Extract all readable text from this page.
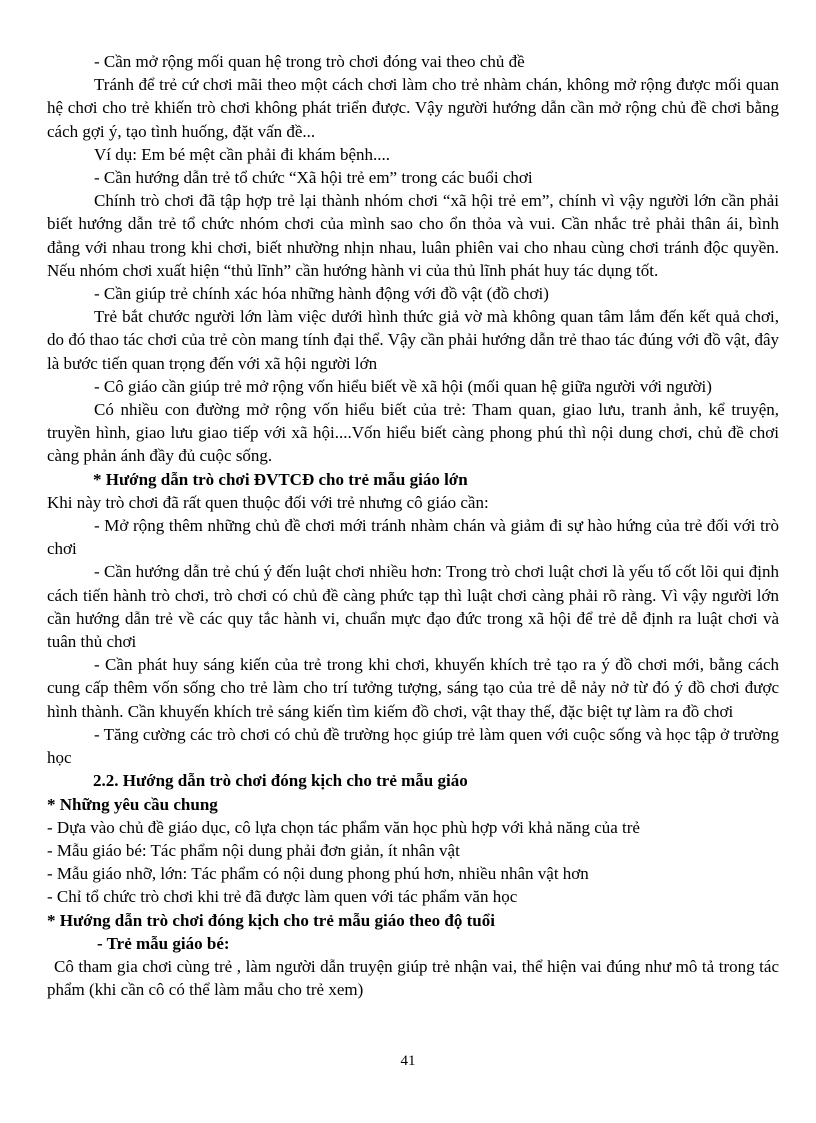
- Cần mở rộng mối quan hệ trong trò chơi đóng vai theo chủ đề

Tránh để trẻ cứ chơi mãi theo một cách chơi làm cho trẻ nhàm chán, không mở rộng được mối quan hệ chơi cho trẻ khiến trò chơi không phát triển được. Vậy người hướng dẫn cần mở rộng chủ đề chơi bằng cách gợi ý, tạo tình huống, đặt vấn đề...

Ví dụ: Em bé mệt cần phải đi khám bệnh....

- Cần hướng dẫn trẻ tổ chức “Xã hội trẻ em” trong các buổi chơi

Chính trò chơi đã tập hợp trẻ lại thành nhóm chơi “xã hội trẻ em”, chính vì vậy người lớn cần phải biết hướng dẫn trẻ tổ chức nhóm chơi của mình sao cho ổn thỏa và vui. Cần nhắc trẻ phải thân ái, bình đẳng với nhau trong khi chơi, biết nhường nhịn nhau, luân phiên vai cho nhau cùng chơi tránh độc quyền. Nếu nhóm chơi xuất hiện “thủ lĩnh” cần hướng hành vi của thủ lĩnh phát huy tác dụng tốt.

- Cần giúp trẻ chính xác hóa những hành động với đồ vật (đồ chơi)

Trẻ bắt chước người lớn làm việc dưới hình thức giả vờ mà không quan tâm lắm đến kết quả chơi, do đó thao tác chơi của trẻ còn mang tính đại thể. Vậy cần phải hướng dẫn trẻ thao tác đúng với đồ vật, đây là bước tiến quan trọng đến với xã hội người lớn

- Cô giáo cần giúp trẻ mở rộng vốn hiểu biết về xã hội (mối quan hệ giữa người với người)

Có nhiều con đường mở rộng vốn hiểu biết của trẻ: Tham quan, giao lưu, tranh ảnh, kể truyện, truyền hình, giao lưu giao tiếp với xã hội....Vốn hiểu biết càng phong phú thì nội dung chơi, chủ đề chơi càng phản ánh đầy đủ cuộc sống.

* Hướng dẫn trò chơi ĐVTCĐ cho trẻ mẫu giáo lớn

Khi này trò chơi đã rất quen thuộc đối với trẻ nhưng cô giáo cần:

- Mở rộng thêm những chủ đề chơi mới tránh nhàm chán và giảm đi sự hào hứng của trẻ đối với trò chơi

- Cần hướng dẫn trẻ chú ý đến luật chơi nhiều hơn: Trong trò chơi luật chơi là yếu tố cốt lõi qui định cách tiến hành trò chơi, trò chơi có chủ đề càng phức tạp thì luật chơi càng phải rõ ràng. Vì vậy người lớn cần hướng dẫn trẻ về các quy tắc hành vi, chuẩn mực đạo đức trong xã hội để trẻ dễ định ra luật chơi và tuân thủ chơi

- Cần phát huy sáng kiến của trẻ trong khi chơi, khuyến khích trẻ tạo ra ý đồ chơi mới, bằng cách cung cấp thêm vốn sống cho trẻ làm cho trí tưởng tượng, sáng tạo của trẻ dễ nảy nở từ đó ý đồ chơi được hình thành. Cần khuyến khích trẻ sáng kiến tìm kiếm đồ chơi, vật thay thế, đặc biệt tự làm ra đồ chơi

- Tăng cường các trò chơi có chủ đề trường học giúp trẻ làm quen với cuộc sống và học tập ở trường học

2.2. Hướng dẫn trò chơi đóng kịch cho trẻ mẫu giáo

* Những yêu cầu chung

- Dựa vào chủ đề giáo dục, cô lựa chọn tác phẩm văn học phù hợp với khả năng của trẻ

- Mẫu giáo bé: Tác phẩm nội dung phải đơn giản, ít nhân vật

- Mẫu giáo nhỡ, lớn: Tác phẩm có nội dung phong phú hơn, nhiều nhân vật hơn

- Chỉ tổ chức trò chơi khi trẻ đã được làm quen với tác phẩm văn học

* Hướng dẫn trò chơi đóng kịch cho trẻ mẫu giáo theo độ tuổi

- Trẻ mẫu giáo bé:

Cô tham gia chơi cùng trẻ , làm người dẫn truyện giúp trẻ nhận vai, thể hiện vai đúng như mô tả trong tác phẩm (khi cần cô có thể làm mẫu cho trẻ xem)

41
